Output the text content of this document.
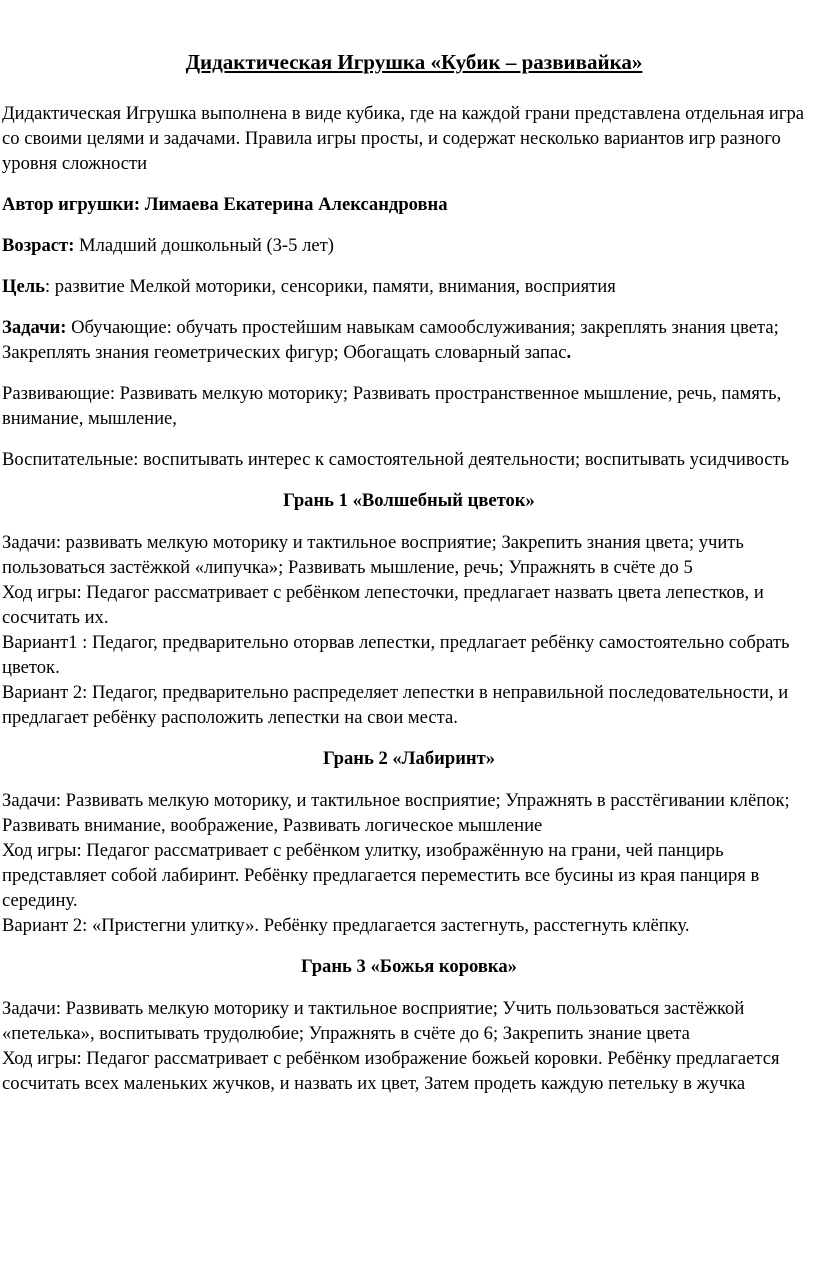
Дидактическая Игрушка «Кубик – развивайка»

Дидактическая Игрушка выполнена в виде кубика, где на каждой грани представлена отдельная игра со своими целями и задачами. Правила игры просты, и содержат несколько вариантов игр разного уровня сложности

Автор игрушки: Лимаева Екатерина Александровна

Возраст: Младший дошкольный (3-5 лет)

Цель: развитие Мелкой моторики, сенсорики, памяти, внимания, восприятия

Задачи: Обучающие: обучать простейшим навыкам самообслуживания; закреплять знания цвета; Закреплять знания геометрических фигур; Обогащать словарный запас.

Развивающие: Развивать мелкую моторику; Развивать пространственное мышление, речь, память, внимание, мышление,

Воспитательные: воспитывать интерес к самостоятельной деятельности; воспитывать усидчивость

Грань 1 «Волшебный цветок»

Задачи: развивать мелкую моторику и тактильное восприятие; Закрепить знания цвета; учить пользоваться застёжкой «липучка»; Развивать мышление, речь; Упражнять в счёте до 5

Ход игры: Педагог рассматривает с ребёнком лепесточки, предлагает назвать цвета лепестков, и сосчитать их.

Вариант1 : Педагог, предварительно оторвав лепестки, предлагает ребёнку самостоятельно собрать цветок.

Вариант 2: Педагог, предварительно распределяет лепестки в неправильной последовательности, и предлагает ребёнку расположить лепестки на свои места.

Грань 2 «Лабиринт»

Задачи: Развивать мелкую моторику, и тактильное восприятие; Упражнять в расстёгивании клёпок; Развивать внимание, воображение, Развивать логическое мышление

Ход игры: Педагог рассматривает с ребёнком улитку, изображённую на грани, чей панцирь представляет собой лабиринт. Ребёнку предлагается переместить все бусины из края панциря в середину.

Вариант 2: «Пристегни улитку». Ребёнку предлагается застегнуть, расстегнуть клёпку.

Грань 3 «Божья коровка»

Задачи: Развивать мелкую моторику и тактильное восприятие; Учить пользоваться застёжкой «петелька», воспитывать трудолюбие; Упражнять в счёте до 6; Закрепить знание цвета

Ход игры: Педагог рассматривает с ребёнком изображение божьей коровки. Ребёнку предлагается сосчитать всех маленьких жучков, и назвать их цвет, Затем продеть каждую петельку в жучка
